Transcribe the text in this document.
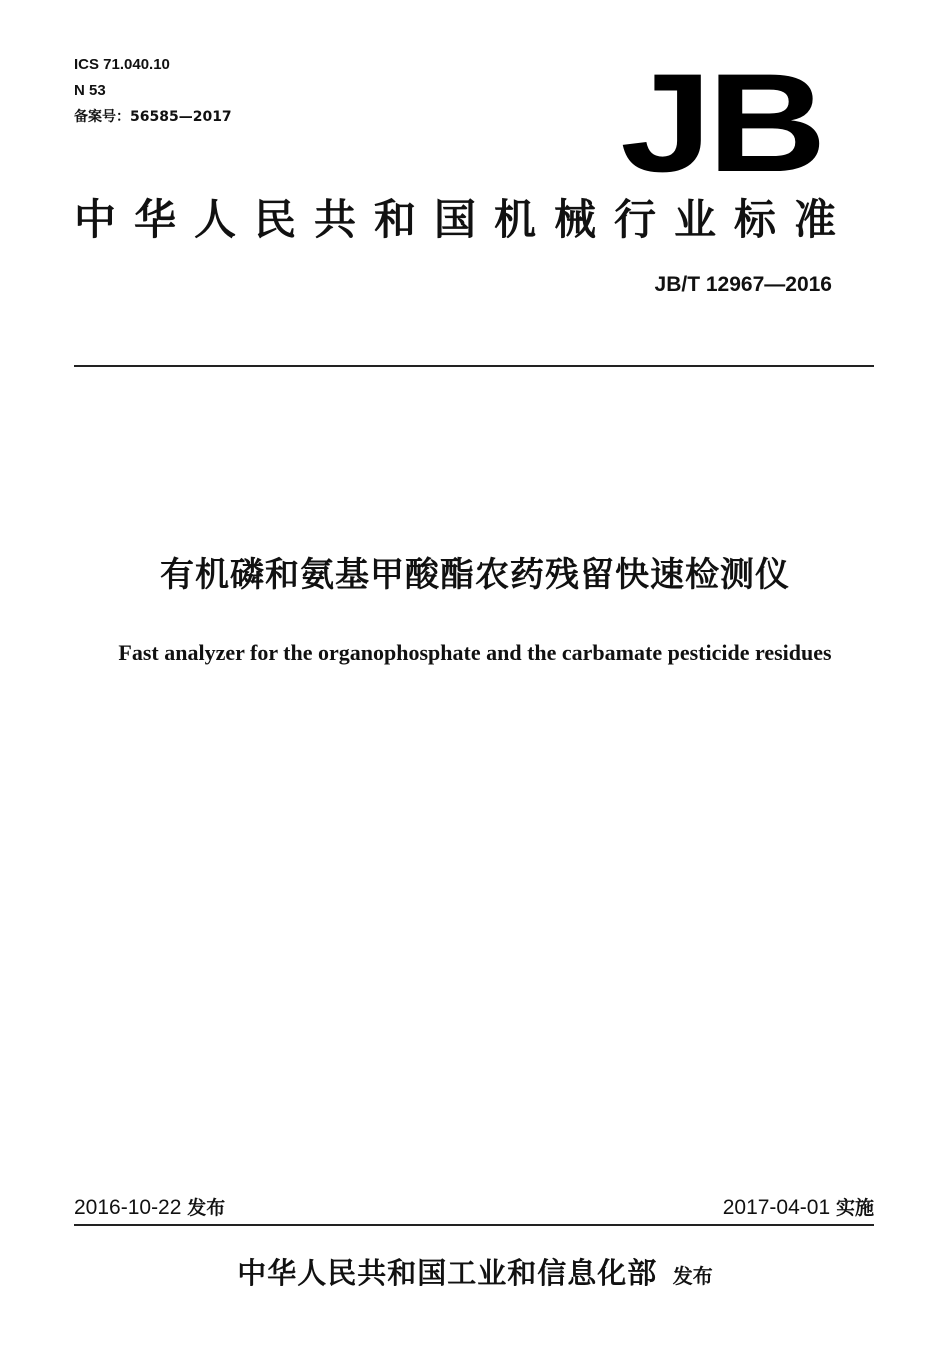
ICS 71.040.10
N 53
备案号：56585—2017	JB
中华人民共和国机械行业标准
JB/T 12967—2016
有机磷和氨基甲酸酯农药残留快速检测仪
Fast analyzer for the organophosphate and the carbamate pesticide residues
2016-10-22 发布	2017-04-01 实施
中华人民共和国工业和信息化部 发布
